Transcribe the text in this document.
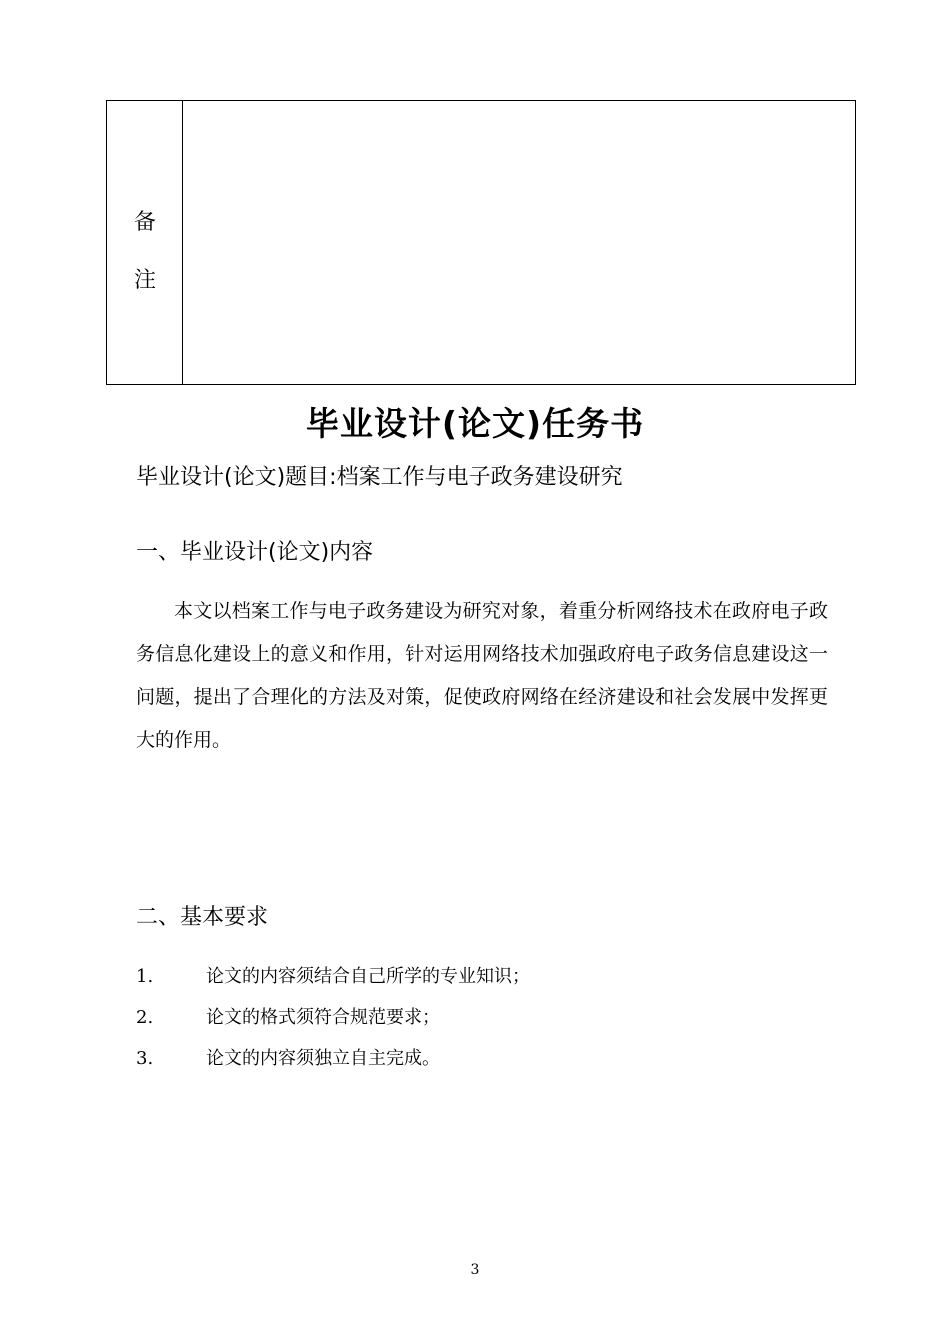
备
注
毕业设计(论文)任务书
毕业设计(论文)题目:档案工作与电子政务建设研究
一、毕业设计(论文)内容
本文以档案工作与电子政务建设为研究对象，着重分析网络技术在政府电子政务信息化建设上的意义和作用，针对运用网络技术加强政府电子政务信息建设这一问题，提出了合理化的方法及对策，促使政府网络在经济建设和社会发展中发挥更大的作用。
二、基本要求
1.	论文的内容须结合自己所学的专业知识；
2.	论文的格式须符合规范要求；
3.	论文的内容须独立自主完成。
3
